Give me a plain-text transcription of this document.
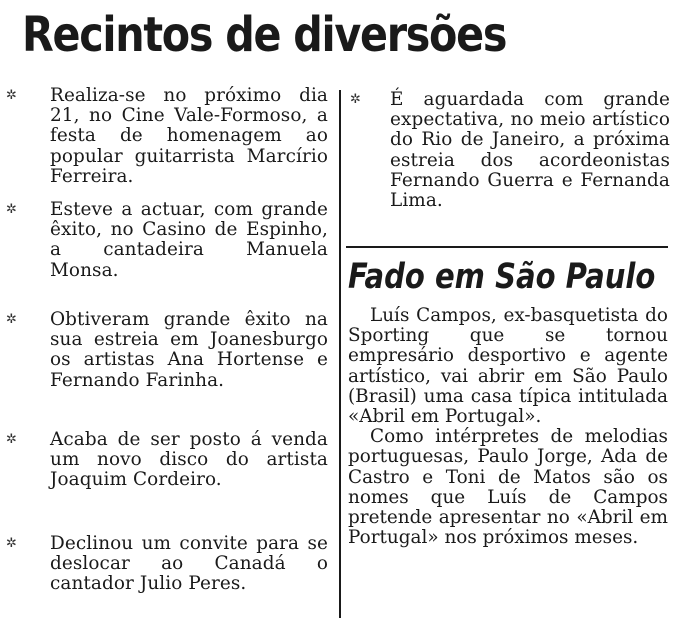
Recintos de diversões
✲ Realiza-se no próximo dia 21, no Cine Vale-Formoso, a festa de homenagem ao popular guitarrista Marcírio Ferreira.
✲ Esteve a actuar, com grande êxito, no Casino de Espinho, a cantadeira Manuela Monsa.
✲ Obtiveram grande êxito na sua estreia em Joanesburgo os artistas Ana Hortense e Fernando Farinha.
✲ Acaba de ser posto á venda um novo disco do artista Joaquim Cordeiro.
✲ Declinou um convite para se deslocar ao Canadá o cantador Julio Peres.
✲ É aguardada com grande expectativa, no meio artístico do Rio de Janeiro, a próxima estreia dos acordeonistas Fernando Guerra e Fernanda Lima.
Fado em São Paulo

Luís Campos, ex-basquetista do Sporting que se tornou empresário desportivo e agente artístico, vai abrir em São Paulo (Brasil) uma casa típica intitulada «Abril em Portugal».

Como intérpretes de melodias portuguesas, Paulo Jorge, Ada de Castro e Toni de Matos são os nomes que Luís de Campos pretende apresentar no «Abril em Portugal» nos próximos meses.
